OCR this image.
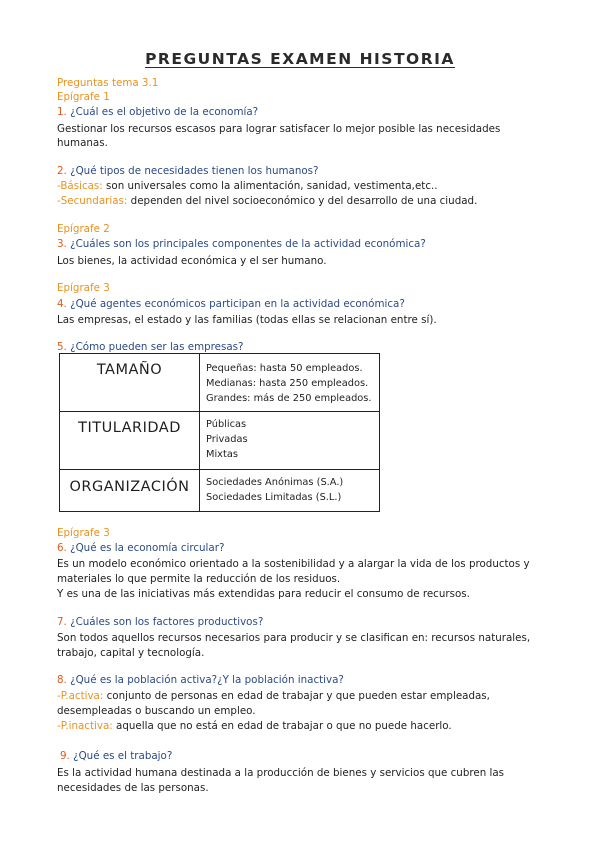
PREGUNTAS EXAMEN HISTORIA
Preguntas tema 3.1
Epígrafe 1
1. ¿Cuál es el objetivo de la economía?
Gestionar los recursos escasos para lograr satisfacer lo mejor posible las necesidades
humanas.
2. ¿Qué tipos de necesidades tienen los humanos?
-Básicas: son universales como la alimentación, sanidad, vestimenta,etc..
-Secundarias: dependen del nivel socioeconómico y del desarrollo de una ciudad.
Epígrafe 2
3. ¿Cuáles son los principales componentes de la actividad económica?
Los bienes, la actividad económica y el ser humano.
Epígrafe 3
4. ¿Qué agentes económicos participan en la actividad económica?
Las empresas, el estado y las familias (todas ellas se relacionan entre sí).
5. ¿Cómo pueden ser las empresas?
TAMAÑO	Pequeñas: hasta 50 empleados.
Medianas: hasta 250 empleados.
Grandes: más de 250 empleados.
TITULARIDAD	Públicas
Privadas
Mixtas
ORGANIZACIÓN	Sociedades Anónimas (S.A.)
Sociedades Limitadas (S.L.)
Epígrafe 3
6. ¿Qué es la economía circular?
Es un modelo económico orientado a la sostenibilidad y a alargar la vida de los productos y
materiales lo que permite la reducción de los residuos.
Y es una de las iniciativas más extendidas para reducir el consumo de recursos.
7. ¿Cuáles son los factores productivos?
Son todos aquellos recursos necesarios para producir y se clasifican en: recursos naturales,
trabajo, capital y tecnología.
8. ¿Qué es la población activa?¿Y la población inactiva?
-P.activa: conjunto de personas en edad de trabajar y que pueden estar empleadas,
desempleadas o buscando un empleo.
-P.inactiva: aquella que no está en edad de trabajar o que no puede hacerlo.
9. ¿Qué es el trabajo?
Es la actividad humana destinada a la producción de bienes y servicios que cubren las
necesidades de las personas.
